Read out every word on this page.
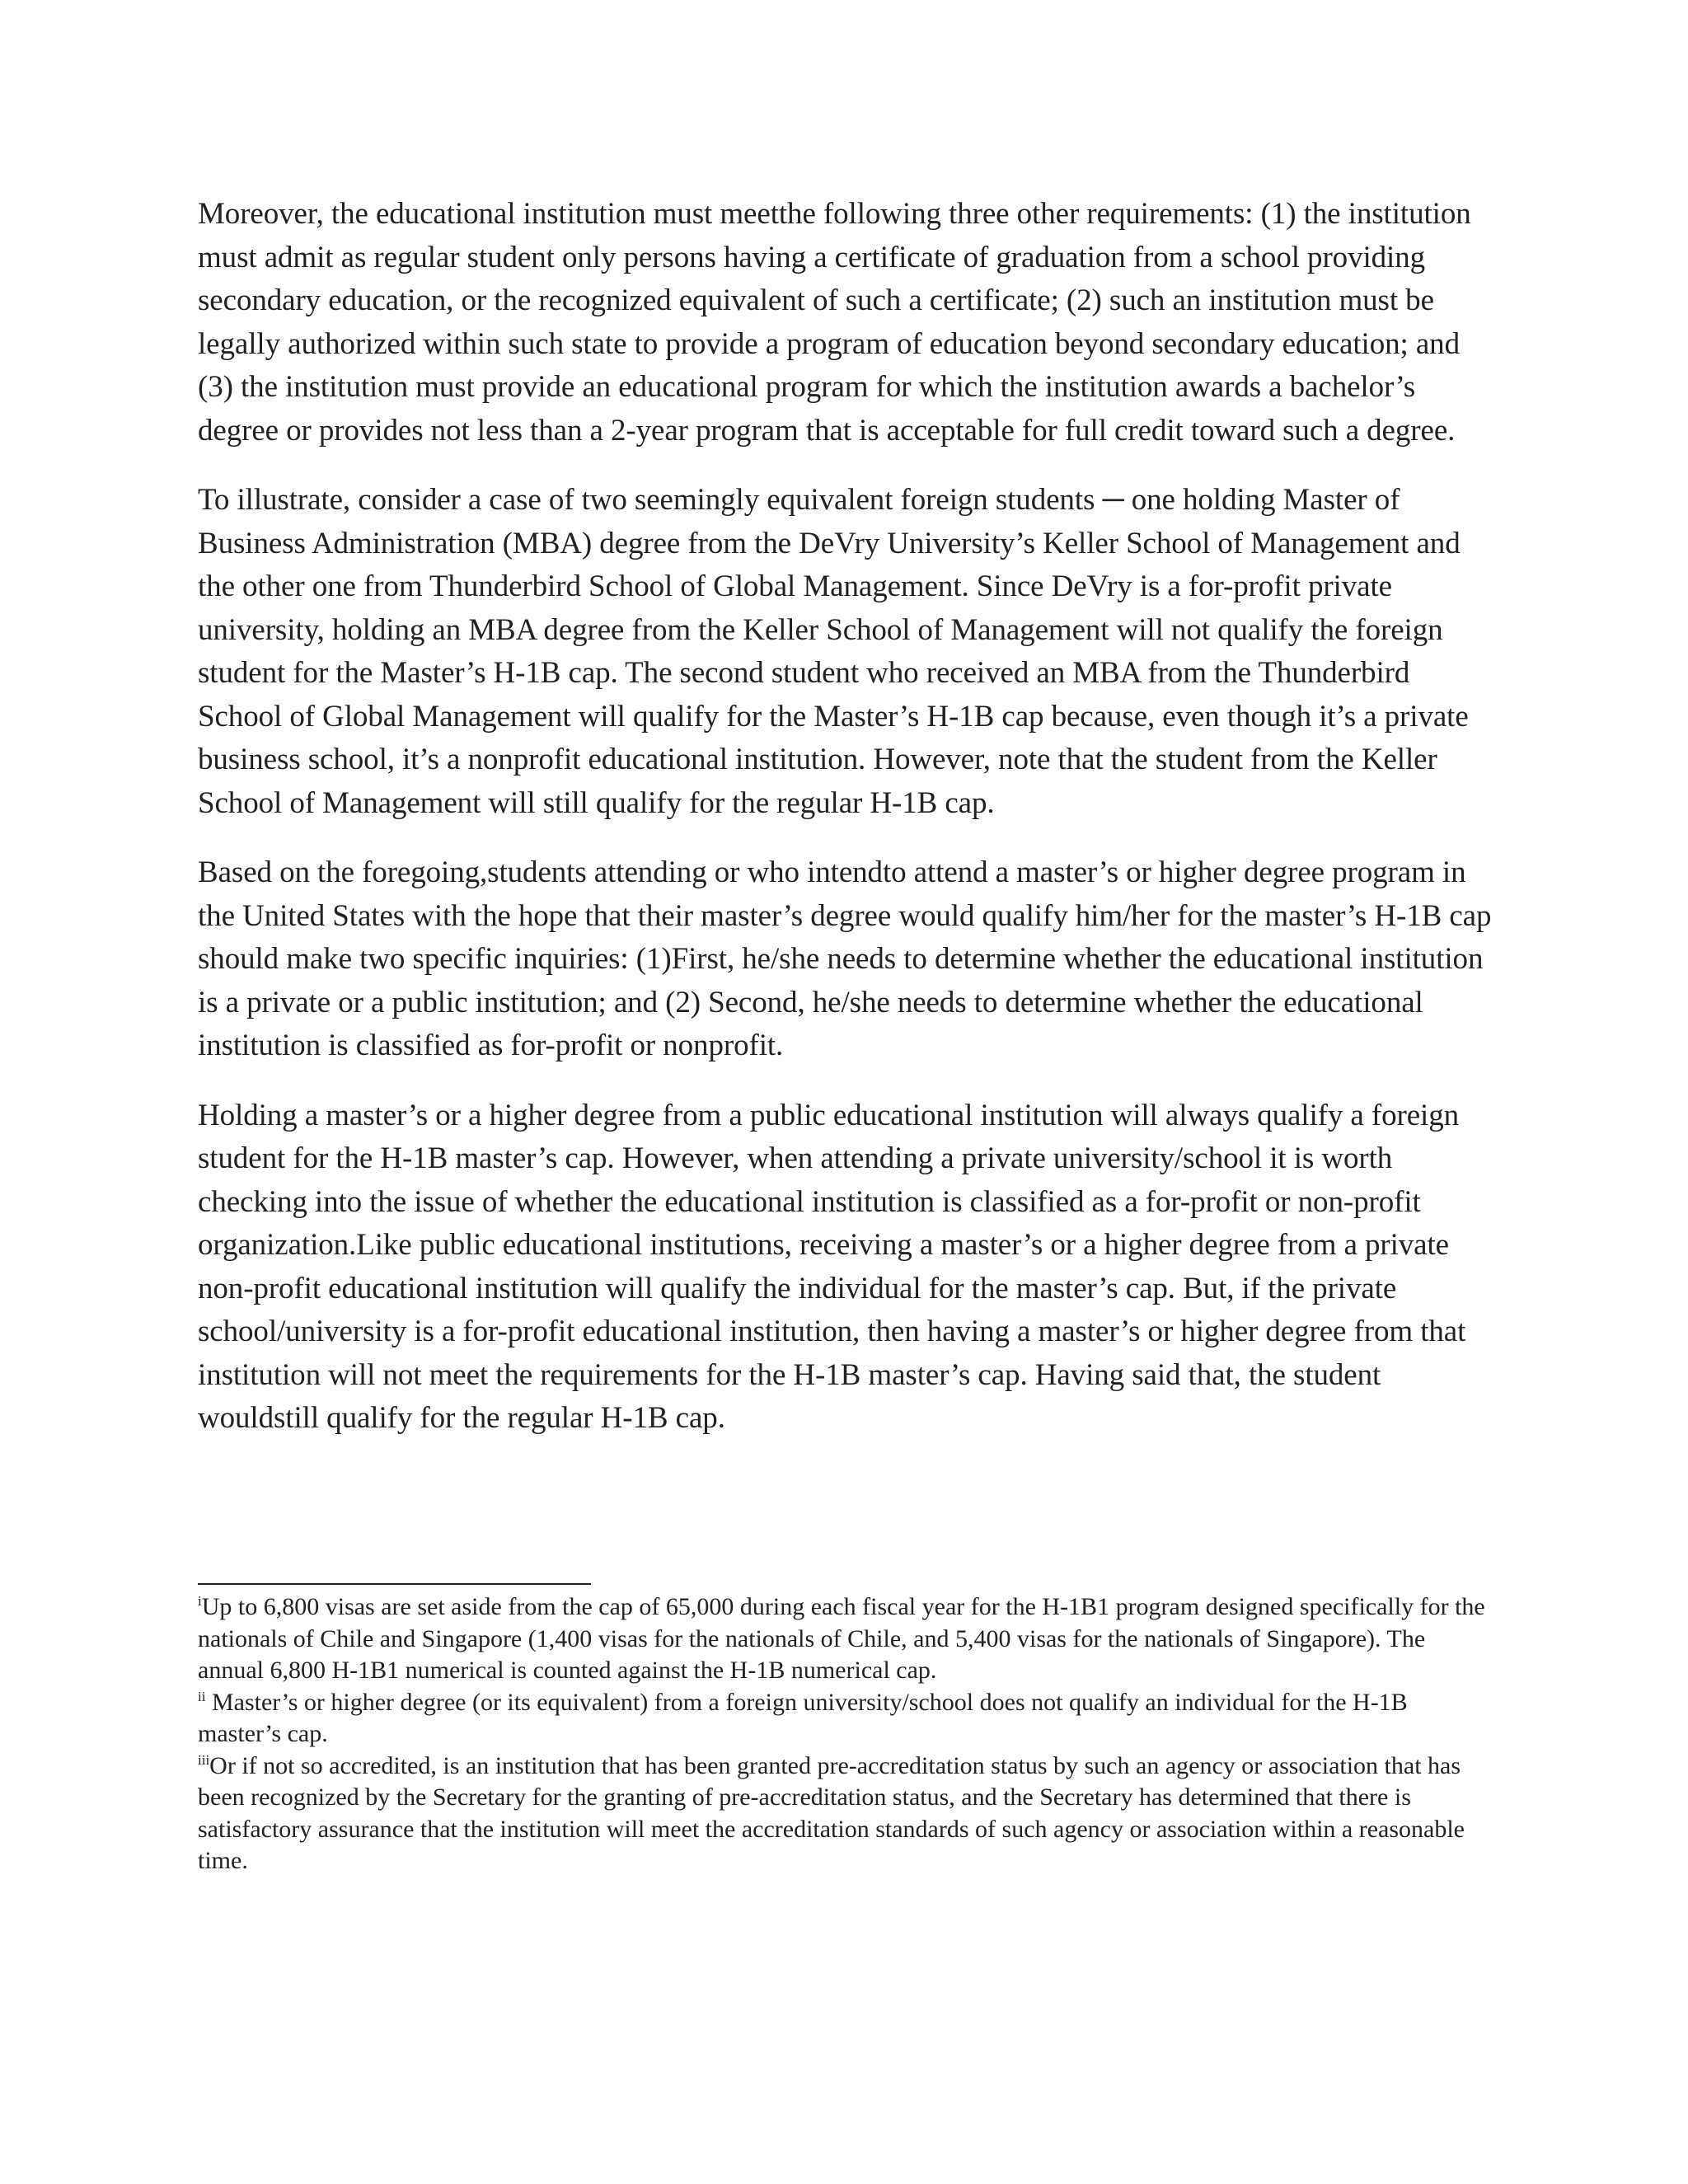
Moreover, the educational institution must meetthe following three other requirements: (1) the institution must admit as regular student only persons having a certificate of graduation from a school providing secondary education, or the recognized equivalent of such a certificate; (2) such an institution must be legally authorized within such state to provide a program of education beyond secondary education; and (3) the institution must provide an educational program for which the institution awards a bachelor’s degree or provides not less than a 2-year program that is acceptable for full credit toward such a degree.

To illustrate, consider a case of two seemingly equivalent foreign students ─ one holding Master of Business Administration (MBA) degree from the DeVry University’s Keller School of Management and the other one from Thunderbird School of Global Management. Since DeVry is a for-profit private university, holding an MBA degree from the Keller School of Management will not qualify the foreign student for the Master’s H-1B cap. The second student who received an MBA from the Thunderbird School of Global Management will qualify for the Master’s H-1B cap because, even though it’s a private business school, it’s a nonprofit educational institution. However, note that the student from the Keller School of Management will still qualify for the regular H-1B cap.

Based on the foregoing,students attending or who intendto attend a master’s or higher degree program in the United States with the hope that their master’s degree would qualify him/her for the master’s H-1B cap should make two specific inquiries: (1)First, he/she needs to determine whether the educational institution is a private or a public institution; and (2) Second, he/she needs to determine whether the educational institution is classified as for-profit or nonprofit.

Holding a master’s or a higher degree from a public educational institution will always qualify a foreign student for the H-1B master’s cap. However, when attending a private university/school it is worth checking into the issue of whether the educational institution is classified as a for-profit or non-profit organization.Like public educational institutions, receiving a master’s or a higher degree from a private non-profit educational institution will qualify the individual for the master’s cap. But, if the private school/university is a for-profit educational institution, then having a master’s or higher degree from that institution will not meet the requirements for the H-1B master’s cap. Having said that, the student wouldstill qualify for the regular H-1B cap.

$^i$Up to 6,800 visas are set aside from the cap of 65,000 during each fiscal year for the H-1B1 program designed specifically for the nationals of Chile and Singapore (1,400 visas for the nationals of Chile, and 5,400 visas for the nationals of Singapore). The annual 6,800 H-1B1 numerical is counted against the H-1B numerical cap.

$^{ii}$ Master’s or higher degree (or its equivalent) from a foreign university/school does not qualify an individual for the H-1B master’s cap.

$^{iii}$Or if not so accredited, is an institution that has been granted pre-accreditation status by such an agency or association that has been recognized by the Secretary for the granting of pre-accreditation status, and the Secretary has determined that there is satisfactory assurance that the institution will meet the accreditation standards of such agency or association within a reasonable time.
